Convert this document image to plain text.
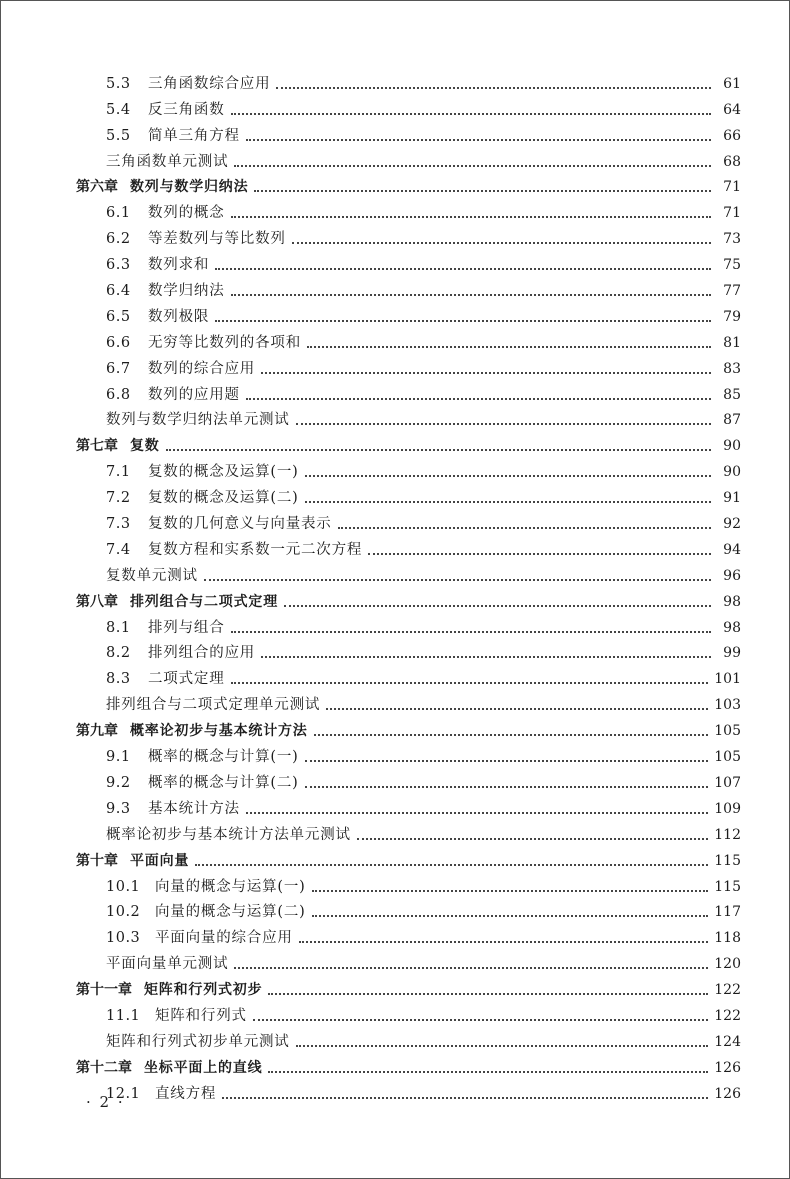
5.3	三角函数综合应用	61
5.4	反三角函数	64
5.5	简单三角方程	66
三角函数单元测试	68
第六章 数列与数学归纳法	71
6.1	数列的概念	71
6.2	等差数列与等比数列	73
6.3	数列求和	75
6.4	数学归纳法	77
6.5	数列极限	79
6.6	无穷等比数列的各项和	81
6.7	数列的综合应用	83
6.8	数列的应用题	85
数列与数学归纳法单元测试	87
第七章 复数	90
7.1	复数的概念及运算(一)	90
7.2	复数的概念及运算(二)	91
7.3	复数的几何意义与向量表示	92
7.4	复数方程和实系数一元二次方程	94
复数单元测试	96
第八章 排列组合与二项式定理	98
8.1	排列与组合	98
8.2	排列组合的应用	99
8.3	二项式定理	101
排列组合与二项式定理单元测试	103
第九章 概率论初步与基本统计方法	105
9.1	概率的概念与计算(一)	105
9.2	概率的概念与计算(二)	107
9.3	基本统计方法	109
概率论初步与基本统计方法单元测试	112
第十章 平面向量	115
10.1	向量的概念与运算(一)	115
10.2	向量的概念与运算(二)	117
10.3	平面向量的综合应用	118
平面向量单元测试	120
第十一章 矩阵和行列式初步	122
11.1	矩阵和行列式	122
矩阵和行列式初步单元测试	124
第十二章 坐标平面上的直线	126
12.1	直线方程	126
· 2 ·
